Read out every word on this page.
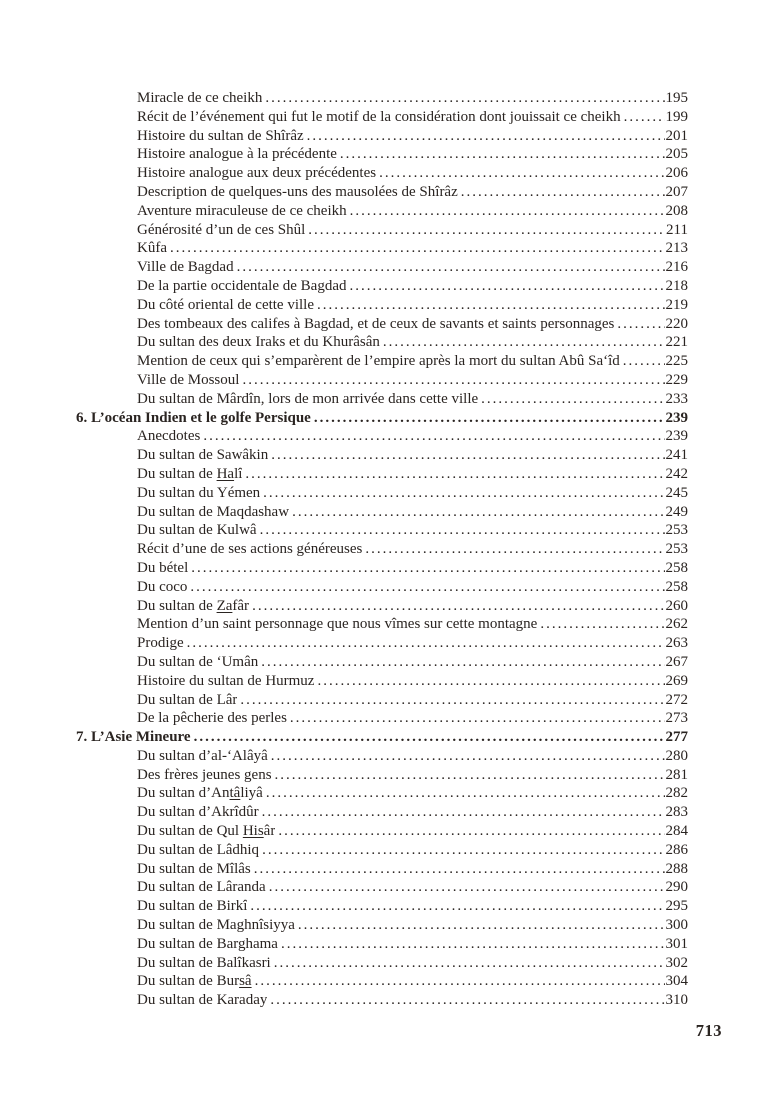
Miracle de ce cheikh .....	195
Récit de l’événement qui fut le motif de la considération dont jouissait ce cheikh .....	199
Histoire du sultan de Shîrâz .....	201
Histoire analogue à la précédente .....	205
Histoire analogue aux deux précédentes .....	206
Description de quelques-uns des mausolées de Shîrâz .....	207
Aventure miraculeuse de ce cheikh .....	208
Générosité d’un de ces Shûl .....	211
Kûfa .....	213
Ville de Bagdad .....	216
De la partie occidentale de Bagdad .....	218
Du côté oriental de cette ville .....	219
Des tombeaux des califes à Bagdad, et de ceux de savants et saints personnages .....	220
Du sultan des deux Iraks et du Khurâsân .....	221
Mention de ceux qui s’emparèrent de l’empire après la mort du sultan Abû Sa‘îd .....	225
Ville de Mossoul .....	229
Du sultan de Mârdîn, lors de mon arrivée dans cette ville .....	233
6. L’océan Indien et le golfe Persique .....	239
Anecdotes .....	239
Du sultan de Sawâkin .....	241
Du sultan de Halî .....	242
Du sultan du Yémen .....	245
Du sultan de Maqdashaw .....	249
Du sultan de Kulwâ .....	253
Récit d’une de ses actions généreuses .....	253
Du bétel .....	258
Du coco .....	258
Du sultan de Zafâr .....	260
Mention d’un saint personnage que nous vîmes sur cette montagne .....	262
Prodige .....	263
Du sultan de ‘Umân .....	267
Histoire du sultan de Hurmuz .....	269
Du sultan de Lâr .....	272
De la pêcherie des perles .....	273
7. L’Asie Mineure .....	277
Du sultan d’al-‘Alâyâ .....	280
Des frères jeunes gens .....	281
Du sultan d’Antâliyâ .....	282
Du sultan d’Akrîdûr .....	283
Du sultan de Qul Hisâr .....	284
Du sultan de Lâdhiq .....	286
Du sultan de Mîlâs .....	288
Du sultan de Lâranda .....	290
Du sultan de Birkî .....	295
Du sultan de Maghnîsiyya .....	300
Du sultan de Barghama .....	301
Du sultan de Balîkasri .....	302
Du sultan de Bursâ .....	304
Du sultan de Karaday .....	310
713
